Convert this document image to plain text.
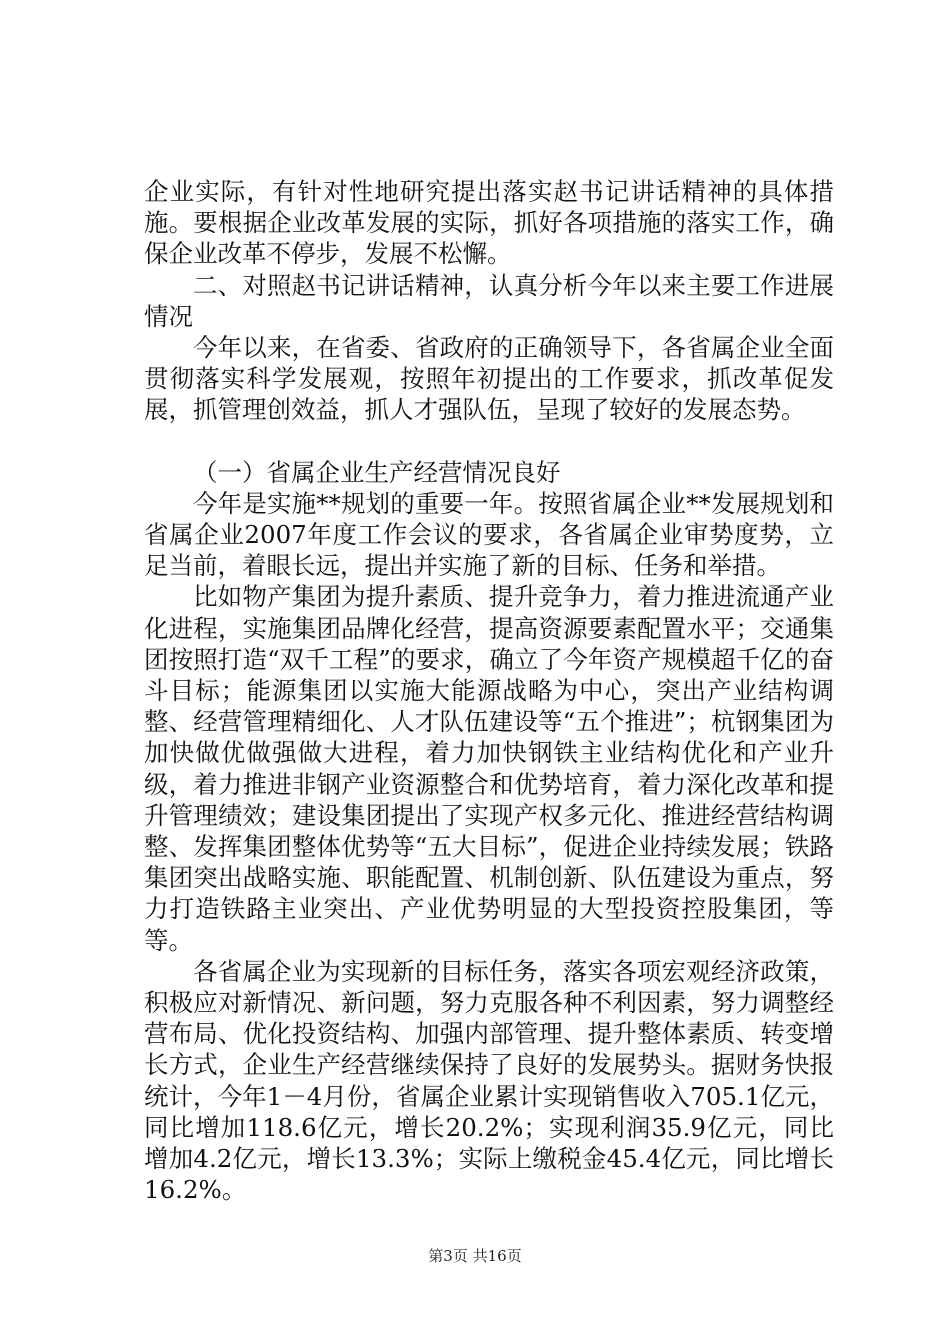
企业实际，有针对性地研究提出落实赵书记讲话精神的具体措施。要根据企业改革发展的实际，抓好各项措施的落实工作，确保企业改革不停步，发展不松懈。

二、对照赵书记讲话精神，认真分析今年以来主要工作进展情况

今年以来，在省委、省政府的正确领导下，各省属企业全面贯彻落实科学发展观，按照年初提出的工作要求，抓改革促发展，抓管理创效益，抓人才强队伍，呈现了较好的发展态势。

（一）省属企业生产经营情况良好

今年是实施**规划的重要一年。按照省属企业**发展规划和省属企业2007年度工作会议的要求，各省属企业审势度势，立足当前，着眼长远，提出并实施了新的目标、任务和举措。

比如物产集团为提升素质、提升竞争力，着力推进流通产业化进程，实施集团品牌化经营，提高资源要素配置水平；交通集团按照打造“双千工程”的要求，确立了今年资产规模超千亿的奋斗目标；能源集团以实施大能源战略为中心，突出产业结构调整、经营管理精细化、人才队伍建设等“五个推进”；杭钢集团为加快做优做强做大进程，着力加快钢铁主业结构优化和产业升级，着力推进非钢产业资源整合和优势培育，着力深化改革和提升管理绩效；建设集团提出了实现产权多元化、推进经营结构调整、发挥集团整体优势等“五大目标”，促进企业持续发展；铁路集团突出战略实施、职能配置、机制创新、队伍建设为重点，努力打造铁路主业突出、产业优势明显的大型投资控股集团，等等。

各省属企业为实现新的目标任务，落实各项宏观经济政策，积极应对新情况、新问题，努力克服各种不利因素，努力调整经营布局、优化投资结构、加强内部管理、提升整体素质、转变增长方式，企业生产经营继续保持了良好的发展势头。据财务快报统计，今年1－4月份，省属企业累计实现销售收入705.1亿元，同比增加118.6亿元，增长20.2%；实现利润35.9亿元，同比增加4.2亿元，增长13.3%；实际上缴税金45.4亿元，同比增长16.2%。

第3页 共16页
